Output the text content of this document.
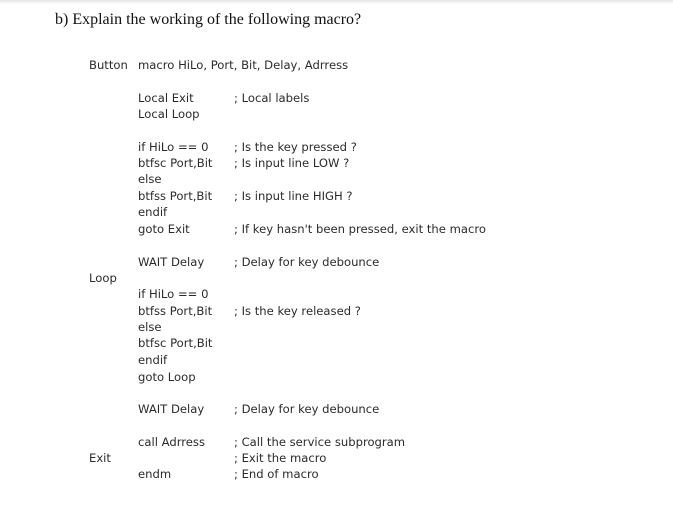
b) Explain the working of the following macro?
Button macro HiLo, Port, Bit, Delay, Adrress
Local Exit	; Local labels
Local Loop
if HiLo == 0 ; Is the key pressed ?
btfsc Port,Bit ; Is input line LOW ?
else
btfss Port,Bit ; Is input line HIGH ?
endif
goto Exit	; If key hasn't been pressed, exit the macro
WAIT Delay	; Delay for key debounce
Loop
if HiLo == 0
btfss Port,Bit ; Is the key released ?
else
btfsc Port,Bit
endif
goto Loop
WAIT Delay	; Delay for key debounce
call Adrress	; Call the service subprogram
Exit	; Exit the macro
endm	; End of macro
